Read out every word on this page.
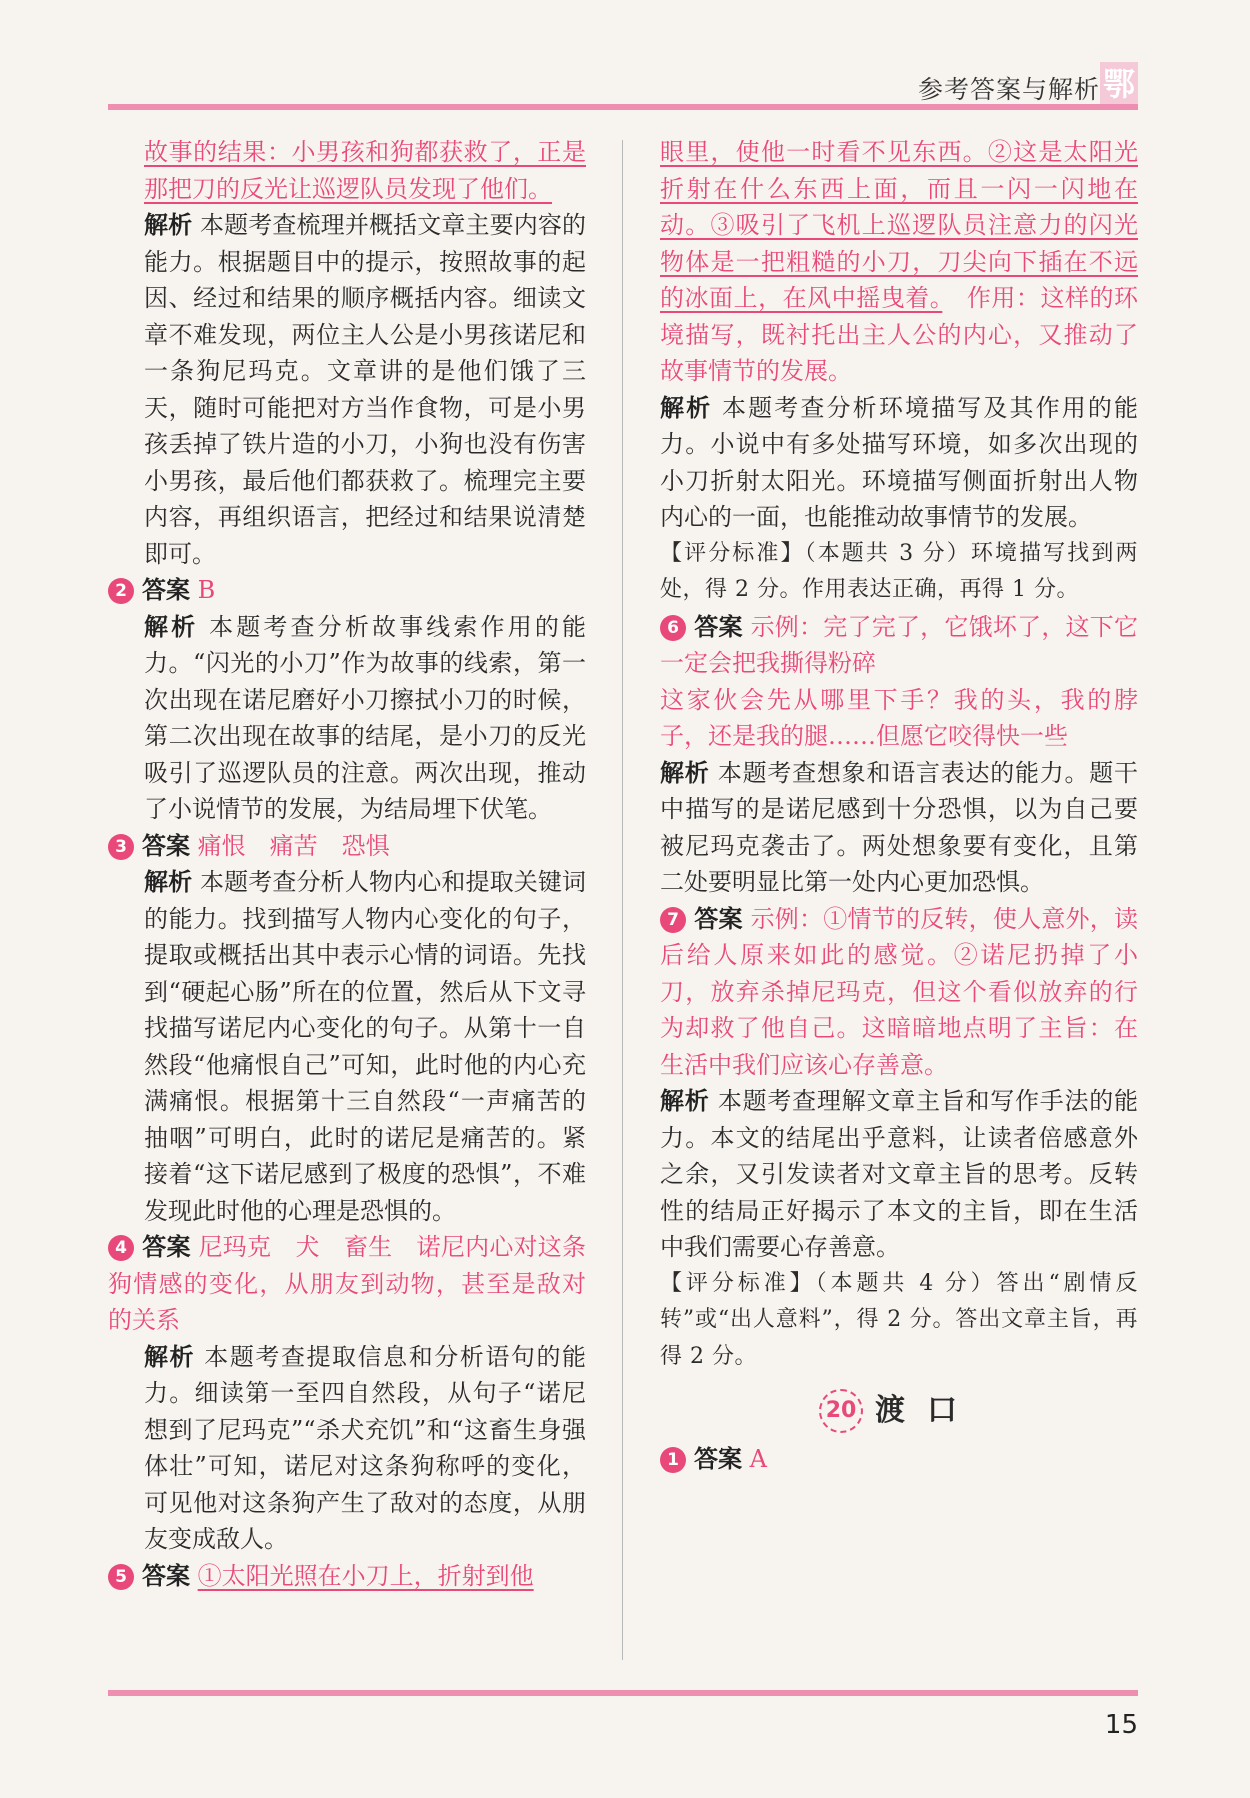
参考答案与解析 鄂

故事的结果：小男孩和狗都获救了，正是那把刀的反光让巡逻队员发现了他们。

解析 本题考查梳理并概括文章主要内容的能力。根据题目中的提示，按照故事的起因、经过和结果的顺序概括内容。细读文章不难发现，两位主人公是小男孩诺尼和一条狗尼玛克。文章讲的是他们饿了三天，随时可能把对方当作食物，可是小男孩丢掉了铁片造的小刀，小狗也没有伤害小男孩，最后他们都获救了。梳理完主要内容，再组织语言，把经过和结果说清楚即可。

2 答案 B

解析 本题考查分析故事线索作用的能力。“闪光的小刀”作为故事的线索，第一次出现在诺尼磨好小刀擦拭小刀的时候，第二次出现在故事的结尾，是小刀的反光吸引了巡逻队员的注意。两次出现，推动了小说情节的发展，为结局埋下伏笔。

3 答案 痛恨　痛苦　恐惧

解析 本题考查分析人物内心和提取关键词的能力。找到描写人物内心变化的句子，提取或概括出其中表示心情的词语。先找到“硬起心肠”所在的位置，然后从下文寻找描写诺尼内心变化的句子。从第十一自然段“他痛恨自己”可知，此时他的内心充满痛恨。根据第十三自然段“一声痛苦的抽咽”可明白，此时的诺尼是痛苦的。紧接着“这下诺尼感到了极度的恐惧”，不难发现此时他的心理是恐惧的。

4 答案 尼玛克　犬　畜生　诺尼内心对这条狗情感的变化，从朋友到动物，甚至是敌对的关系

解析 本题考查提取信息和分析语句的能力。细读第一至四自然段，从句子“诺尼想到了尼玛克”“杀犬充饥”和“这畜生身强体壮”可知，诺尼对这条狗称呼的变化，可见他对这条狗产生了敌对的态度，从朋友变成敌人。

5 答案 ①太阳光照在小刀上，折射到他

眼里，使他一时看不见东西。②这是太阳光折射在什么东西上面，而且一闪一闪地在动。③吸引了飞机上巡逻队员注意力的闪光物体是一把粗糙的小刀，刀尖向下插在不远的冰面上，在风中摇曳着。　 作用：这样的环境描写，既衬托出主人公的内心，又推动了故事情节的发展。

解析 本题考查分析环境描写及其作用的能力。小说中有多处描写环境，如多次出现的小刀折射太阳光。环境描写侧面折射出人物内心的一面，也能推动故事情节的发展。

【评分标准】（本题共 3 分）环境描写找到两处，得 2 分。作用表达正确，再得 1 分。

6 答案 示例：完了完了，它饿坏了，这下它一定会把我撕得粉碎

这家伙会先从哪里下手？我的头，我的脖子，还是我的腿……但愿它咬得快一些

解析 本题考查想象和语言表达的能力。题干中描写的是诺尼感到十分恐惧，以为自己要被尼玛克袭击了。两处想象要有变化，且第二处要明显比第一处内心更加恐惧。

7 答案 示例：①情节的反转，使人意外，读后给人原来如此的感觉。②诺尼扔掉了小刀，放弃杀掉尼玛克，但这个看似放弃的行为却救了他自己。这暗暗地点明了主旨：在生活中我们应该心存善意。

解析 本题考查理解文章主旨和写作手法的能力。本文的结尾出乎意料，让读者倍感意外之余，又引发读者对文章主旨的思考。反转性的结局正好揭示了本文的主旨，即在生活中我们需要心存善意。

【评分标准】（本题共 4 分）答出“剧情反转”或“出人意料”，得 2 分。答出文章主旨，再得 2 分。

20 渡口

1 答案 A

15
